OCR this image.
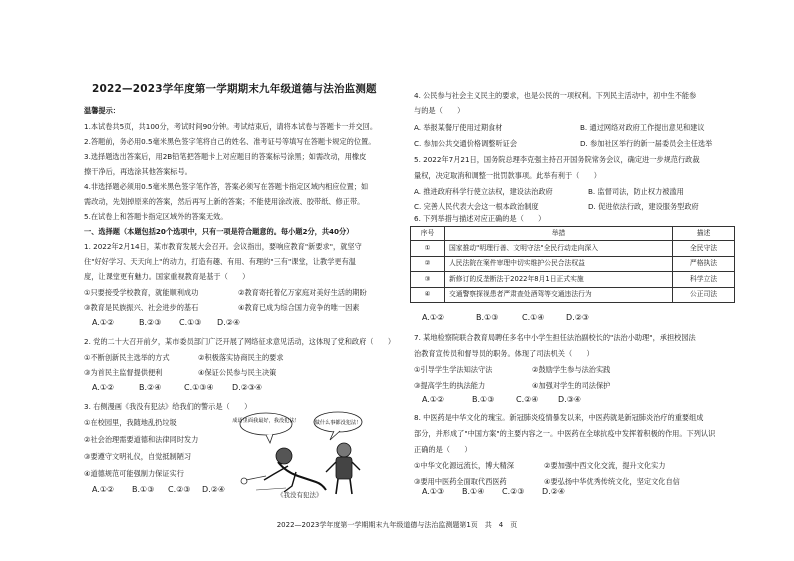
2022—2023学年度第一学期期末九年级道德与法治监测题
温馨提示：
1.本试卷共5页，共100分，考试时间90分钟。考试结束后，请将本试卷与答题卡一并交回。
2.答题前，务必用0.5毫米黑色签字笔将自己的姓名、准考证号等填写在答题卡规定的位置。
3.选择题选出答案后，用2B铅笔把答题卡上对应题目的答案标号涂黑；如需改动，用橡皮
擦干净后，再选涂其他答案标号。
4.非选择题必须用0.5毫米黑色签字笔作答，答案必须写在答题卡指定区域内相应位置；如
需改动，先划掉原来的答案，然后再写上新的答案；不能使用涂改液、胶带纸、修正带。
5.在试卷上和答题卡指定区域外的答案无效。
一、选择题（本题包括20个选项中，只有一项是符合题意的。每小题2分，共40分）
1. 2022年2月14日，某市教育发展大会召开。会议指出，要响应教育"新要求"，就坚守
住"好好学习、天天向上"的动力，打造有趣、有用、有理的"三有"课堂，让教学更有温
度，让课堂更有魅力。国家重视教育是基于（　　）
①只要接受学校教育，就能顺利成功	②教育寄托着亿万家庭对美好生活的期盼
③教育是民族振兴、社会进步的基石	④教育已成为综合国力竞争的唯一因素
A.①②	B.②③ C.①③ D.②④
2. 党的二十大召开前夕，某市委员部门广泛开展了网络征求意见活动，这体现了党和政府（　　）
①不断创新民主选举的方式	②积极落实协商民主的要求
③为首民主监督提供便利	④保证公民参与民主决策
A.①②	B.②④	C.①③④ D.②③④
3. 右侧漫画《我没有犯法》给我们的警示是（　　）
①在校园里，我随地乱扔垃圾
②社会治理需要道德和法律同时发力
③要遵守文明礼仪，自觉抵制陋习
④道德规范可能强制力保证实行
A.①② B.①③ C.②③ D.②④
成语里面我最好，我没犯法！	做什么事都没犯法！
《我没有犯法》
4. 公民参与社会主义民主的要求，也是公民的一项权利。下列民主活动中，初中生不能参
与的是（　　）
A. 举报某餐厅使用过期食材	B. 通过网络对政府工作提出意见和建议
C. 参加公共交通价格调整听证会	D. 参加社区举行的新一届委员会主任选举
5. 2022年7月21日，国务院总理李克强主持召开国务院常务会议，确定进一步规范行政裁
量权，决定取消和调整一批罚款事项。此举有利于（　　）
A. 推进政府科学行使立法权，建设法治政府	B. 监督司法，防止权力被滥用
C. 完善人民代表大会这一根本政治制度	D. 促进依法行政，建设服务型政府
6. 下列举措与描述对应正确的是（　　）
序号	举措	描述
①	国家推动"明理行善、文明守法"全民行动走向深入	全民守法
②	人民法院在案件审理中切实维护公民合法权益	严格执法
③	新修订的反垄断法于2022年8月1日正式实施	科学立法
④	交通警察探视患者严肃查处酒驾等交通违法行为	公正司法
A.①②	B.①③	C.①④	D.②③
7. 某地检察院联合教育局聘任多名中小学生担任法治副校长的"法治小助理"，承担校园法
治教育宣传员和督导员的职务。体现了司法机关（　　）
①引导学生学法知法守法	②鼓励学生参与法治实践
③提高学生的执法能力	④加强对学生的司法保护
A.①②	B.①③	C.②④ D.③④
8. 中医药是中华文化的瑰宝。新冠肺炎疫情暴发以来，中医药就是新冠肺炎治疗的重要组成
部分，并形成了"中国方案"的主要内容之一。中医药在全球抗疫中发挥着积极的作用。下列认识
正确的是（　　）
①中华文化源远流长，博大精深	②要加强中西文化交流，提升文化实力
③要用中医药全面取代西医药	④要弘扬中华优秀传统文化，坚定文化自信
A.①③ B.①④ C.②③ D.②④
2022—2023学年度第一学期期末九年级道德与法治监测题第1页　共　4　页
